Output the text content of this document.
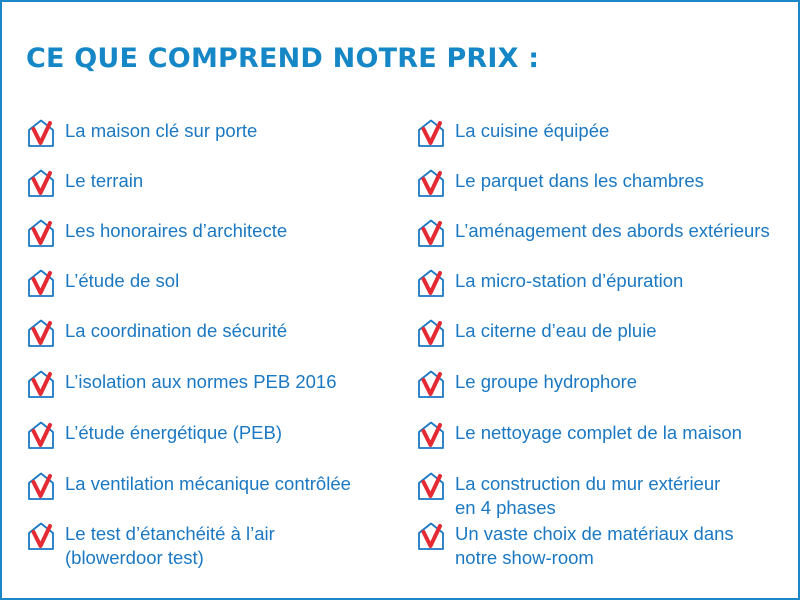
CE QUE COMPREND NOTRE PRIX :
La maison clé sur porte
Le terrain
Les honoraires d’architecte
L’étude de sol
La coordination de sécurité
L’isolation aux normes PEB 2016
L’étude énergétique (PEB)
La ventilation mécanique contrôlée
Le test d’étanchéité à l’air
(blowerdoor test)
La cuisine équipée
Le parquet dans les chambres
L’aménagement des abords extérieurs
La micro-station d’épuration
La citerne d’eau de pluie
Le groupe hydrophore
Le nettoyage complet de la maison
La construction du mur extérieur
en 4 phases
Un vaste choix de matériaux dans
notre show-room
